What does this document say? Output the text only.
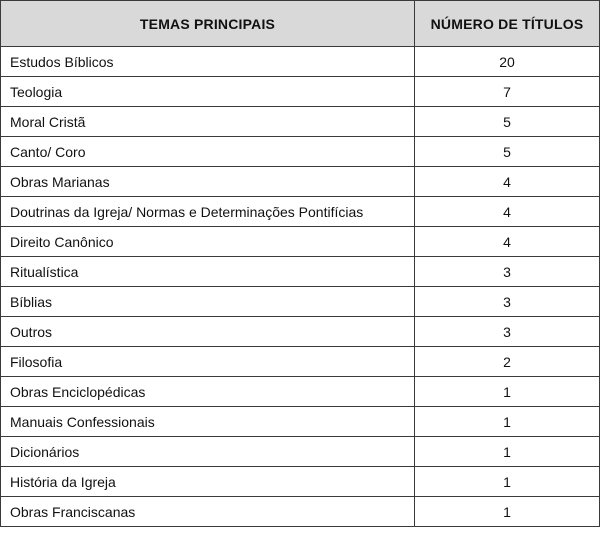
TEMAS PRINCIPAIS	NÚMERO DE TÍTULOS
Estudos Bíblicos	20
Teologia	7
Moral Cristã	5
Canto/ Coro	5
Obras Marianas	4
Doutrinas da Igreja/ Normas e Determinações Pontifícias	4
Direito Canônico	4
Ritualística	3
Bíblias	3
Outros	3
Filosofia	2
Obras Enciclopédicas	1
Manuais Confessionais	1
Dicionários	1
História da Igreja	1
Obras Franciscanas	1
